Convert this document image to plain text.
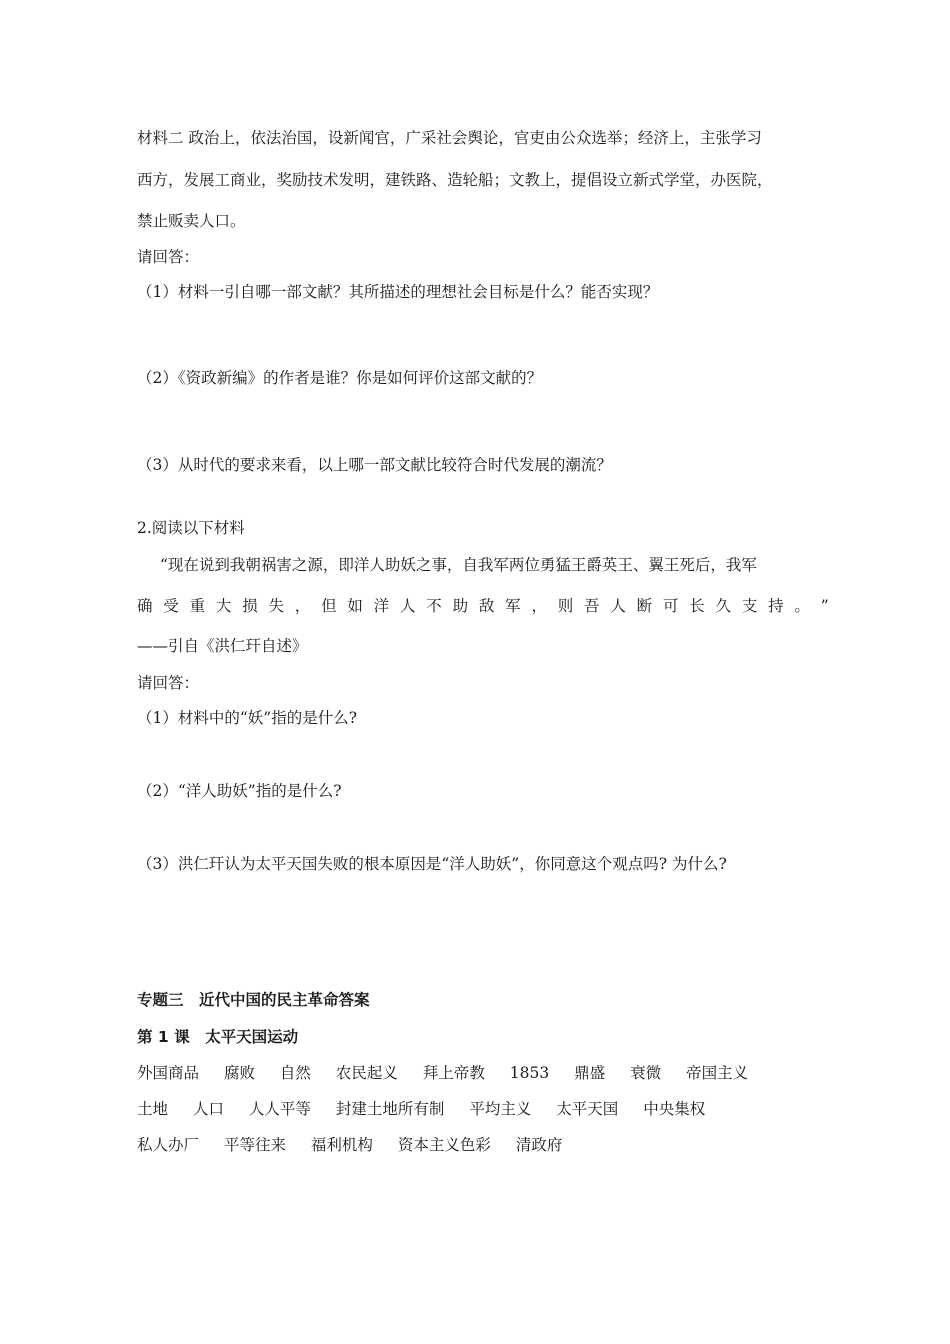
材料二 政治上，依法治国，设新闻官，广采社会舆论，官吏由公众选举；经济上，主张学习

西方，发展工商业，奖励技术发明，建铁路、造轮船；文教上，提倡设立新式学堂，办医院，

禁止贩卖人口。

请回答：

（1）材料一引自哪一部文献？其所描述的理想社会目标是什么？能否实现？

（2）《资政新编》的作者是谁？你是如何评价这部文献的？

（3）从时代的要求来看，以上哪一部文献比较符合时代发展的潮流？

2.阅读以下材料

“现在说到我朝祸害之源，即洋人助妖之事，自我军两位勇猛王爵英王、翼王死后，我军

确 受 重 大 损 失 ， 但 如 洋 人 不 助 敌 军 ， 则 吾 人 断 可 长 久 支 持 。 ”

——引自《洪仁玕自述》

请回答：

（1）材料中的“妖”指的是什么?

（2）“洋人助妖”指的是什么?

（3）洪仁玕认为太平天国失败的根本原因是“洋人助妖”，你同意这个观点吗? 为什么?

专题三　近代中国的民主革命答案

第 1 课　太平天国运动

外国商品 腐败 自然 农民起义 拜上帝教 1853 鼎盛 衰微 帝国主义

土地 人口 人人平等 封建土地所有制 平均主义 太平天国 中央集权

私人办厂 平等往来 福利机构 资本主义色彩 清政府
